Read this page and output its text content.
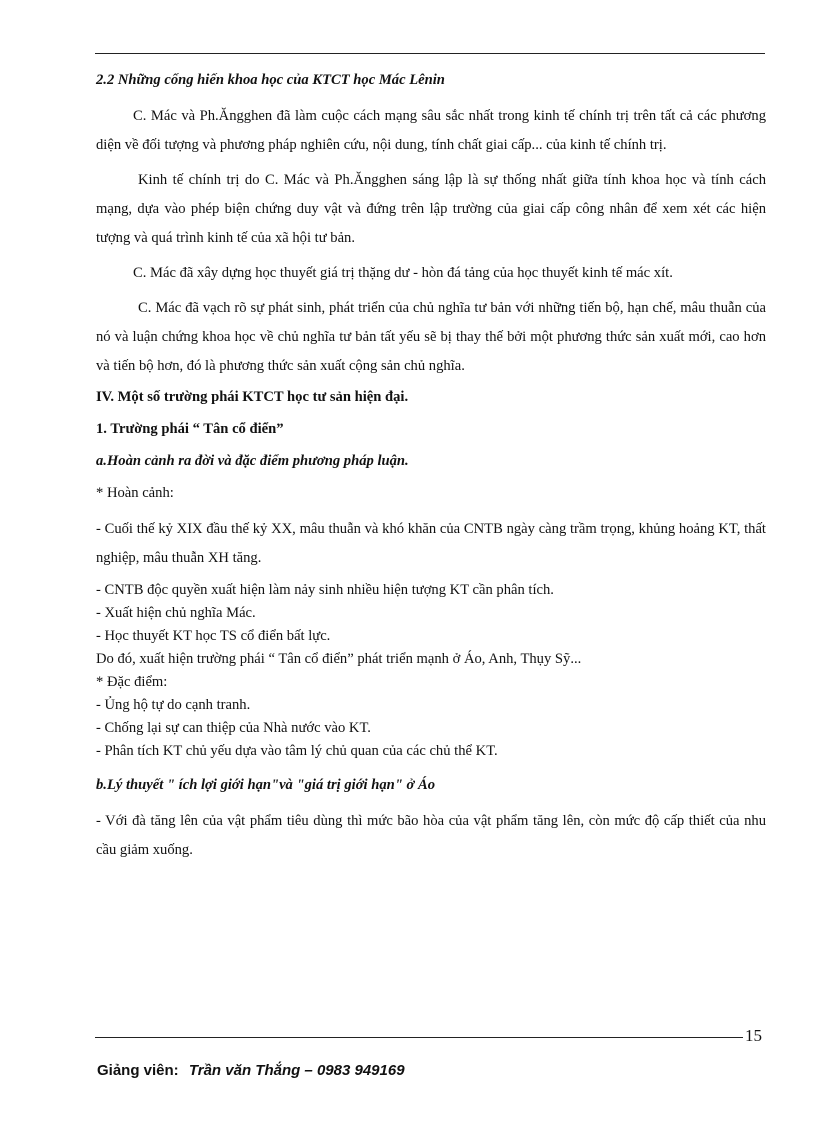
2.2 Những cống hiến khoa học của KTCT học Mác Lênin

C. Mác và Ph.Ăngghen đã làm cuộc cách mạng sâu sắc nhất trong kinh tế chính trị trên tất cả các phương diện về đối tượng và phương pháp nghiên cứu, nội dung, tính chất giai cấp... của kinh tế chính trị.

Kinh tế chính trị do C. Mác và Ph.Ăngghen sáng lập là sự thống nhất giữa tính khoa học và tính cách mạng, dựa vào phép biện chứng duy vật và đứng trên lập trường của giai cấp công nhân để xem xét các hiện tượng và quá trình kinh tế của xã hội tư bản.

C. Mác đã xây dựng học thuyết giá trị thặng dư - hòn đá tảng của học thuyết kinh tế mác xít.

C. Mác đã vạch rõ sự phát sinh, phát triển của chủ nghĩa tư bản với những tiến bộ, hạn chế, mâu thuẫn của nó và luận chứng khoa học về chủ nghĩa tư bản tất yếu sẽ bị thay thế bởi một phương thức sản xuất mới, cao hơn và tiến bộ hơn, đó là phương thức sản xuất cộng sản chủ nghĩa.

IV. Một số trường phái KTCT học tư sản hiện đại.

1. Trường phái “ Tân cổ điển”

a.Hoàn cảnh ra đời và đặc điểm phương pháp luận.

* Hoàn cảnh:

- Cuối thế kỷ XIX đầu thế kỷ XX, mâu thuẫn và khó khăn của CNTB ngày càng trầm trọng, khủng hoảng KT, thất nghiệp, mâu thuẫn XH tăng.

- CNTB độc quyền xuất hiện làm nảy sinh nhiều hiện tượng KT cần phân tích.

- Xuất hiện chủ nghĩa Mác.

- Học thuyết KT học TS cổ điển bất lực.

Do đó, xuất hiện trường phái “ Tân cổ điển” phát triển mạnh ở Áo, Anh, Thụy Sỹ...

* Đặc điểm:

- Ủng hộ tự do cạnh tranh.

- Chống lại sự can thiệp của Nhà nước vào KT.

- Phân tích KT chủ yếu dựa vào tâm lý chủ quan của các chủ thể KT.

b.Lý thuyết " ích lợi giới hạn"và "giá trị giới hạn" ở Áo

- Với đà tăng lên của vật phẩm tiêu dùng thì mức bão hòa của vật phẩm tăng lên, còn mức độ cấp thiết của nhu cầu giảm xuống.

15
Giảng viên: Trần văn Thắng – 0983 949169
